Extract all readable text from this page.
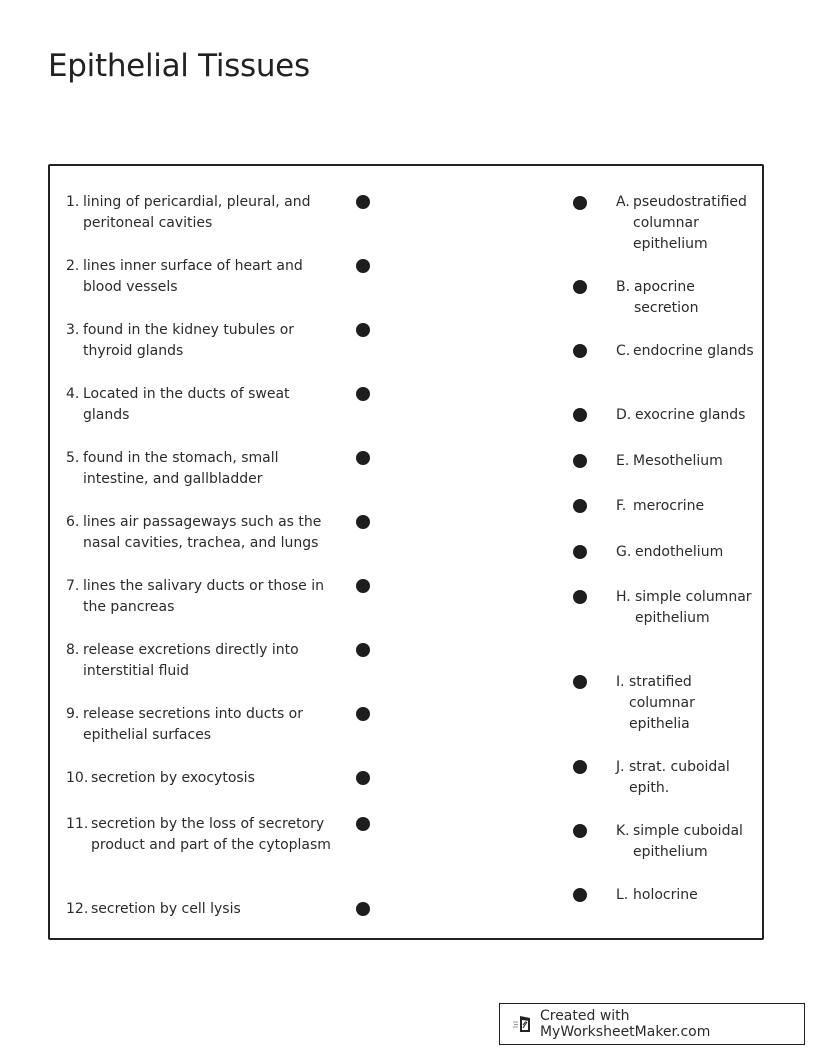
Epithelial Tissues
1. lining of pericardial, pleural, and peritoneal cavities
2. lines inner surface of heart and blood vessels
3. found in the kidney tubules or thyroid glands
4. Located in the ducts of sweat glands
5. found in the stomach, small intestine, and gallbladder
6. lines air passageways such as the nasal cavities, trachea, and lungs
7. lines the salivary ducts or those in the pancreas
8. release excretions directly into interstitial fluid
9. release secretions into ducts or epithelial surfaces
10. secretion by exocytosis
11. secretion by the loss of secretory product and part of the cytoplasm
12. secretion by cell lysis
A. pseudostratified columnar epithelium
B. apocrine secretion
C. endocrine glands
D. exocrine glands
E. Mesothelium
F. merocrine
G. endothelium
H. simple columnar epithelium
I. stratified columnar epithelia
J. strat. cuboidal epith.
K. simple cuboidal epithelium
L. holocrine
Created with MyWorksheetMaker.com
